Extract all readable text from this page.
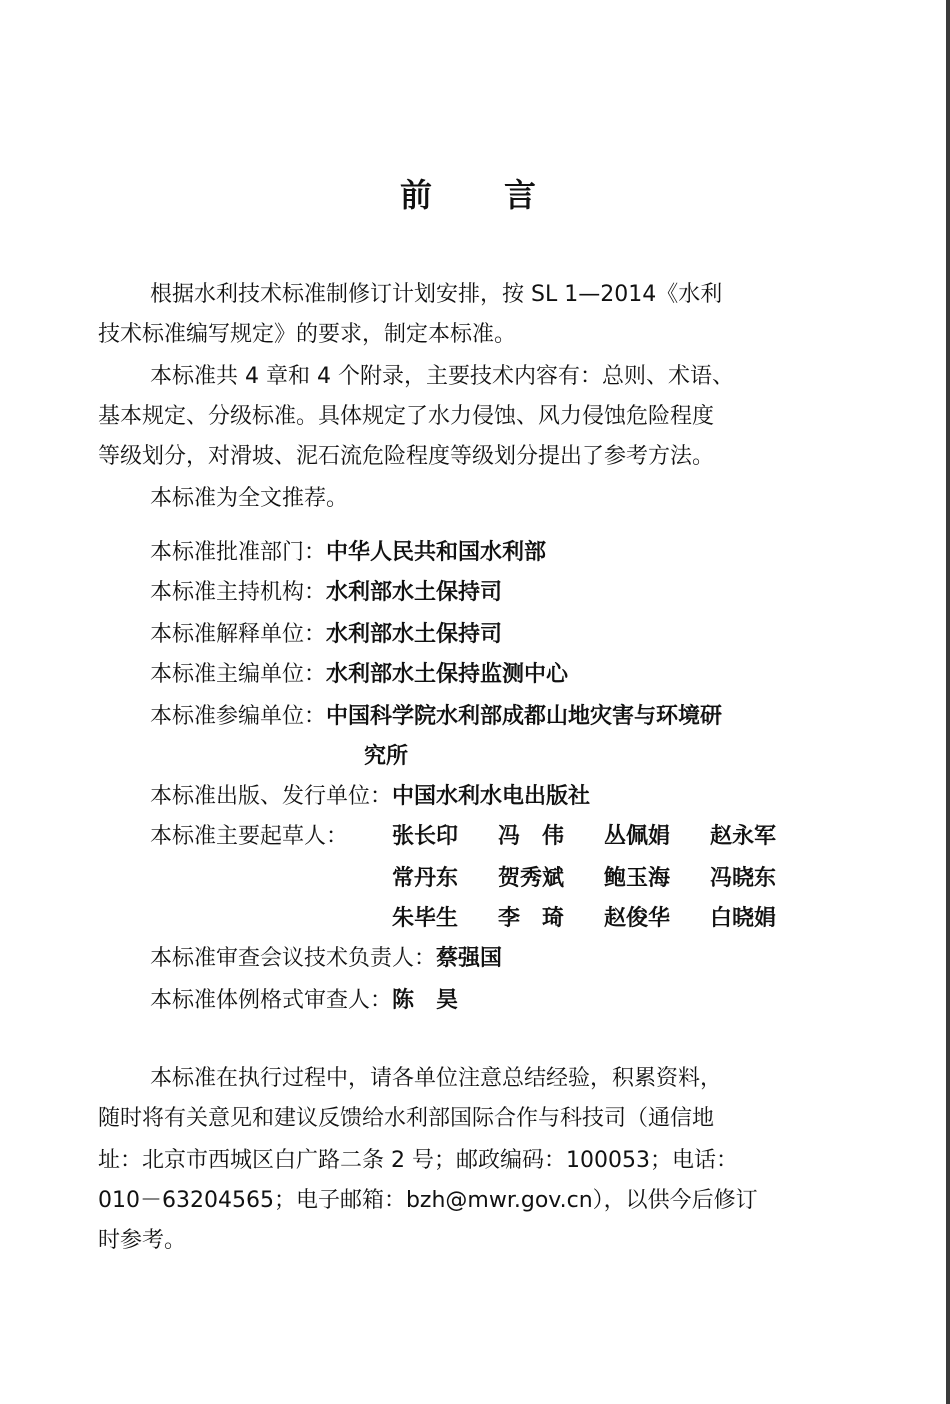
前 言
根据水利技术标准制修订计划安排，按 SL 1—2014《水利
技术标准编写规定》的要求，制定本标准。
本标准共 4 章和 4 个附录，主要技术内容有：总则、术语、
基本规定、分级标准。具体规定了水力侵蚀、风力侵蚀危险程度
等级划分，对滑坡、泥石流危险程度等级划分提出了参考方法。
本标准为全文推荐。
本标准批准部门：中华人民共和国水利部
本标准主持机构：水利部水土保持司
本标准解释单位：水利部水土保持司
本标准主编单位：水利部水土保持监测中心
本标准参编单位：中国科学院水利部成都山地灾害与环境研
究所
本标准出版、发行单位：中国水利水电出版社
本标准主要起草人： 张长印 冯　伟 丛佩娟 赵永军
常丹东 贺秀斌 鲍玉海 冯晓东
朱毕生 李　琦 赵俊华 白晓娟
本标准审查会议技术负责人：蔡强国
本标准体例格式审查人：陈　昊
本标准在执行过程中，请各单位注意总结经验，积累资料，
随时将有关意见和建议反馈给水利部国际合作与科技司（通信地
址：北京市西城区白广路二条 2 号；邮政编码：100053；电话：
010－63204565；电子邮箱：bzh@mwr.gov.cn），以供今后修订
时参考。
